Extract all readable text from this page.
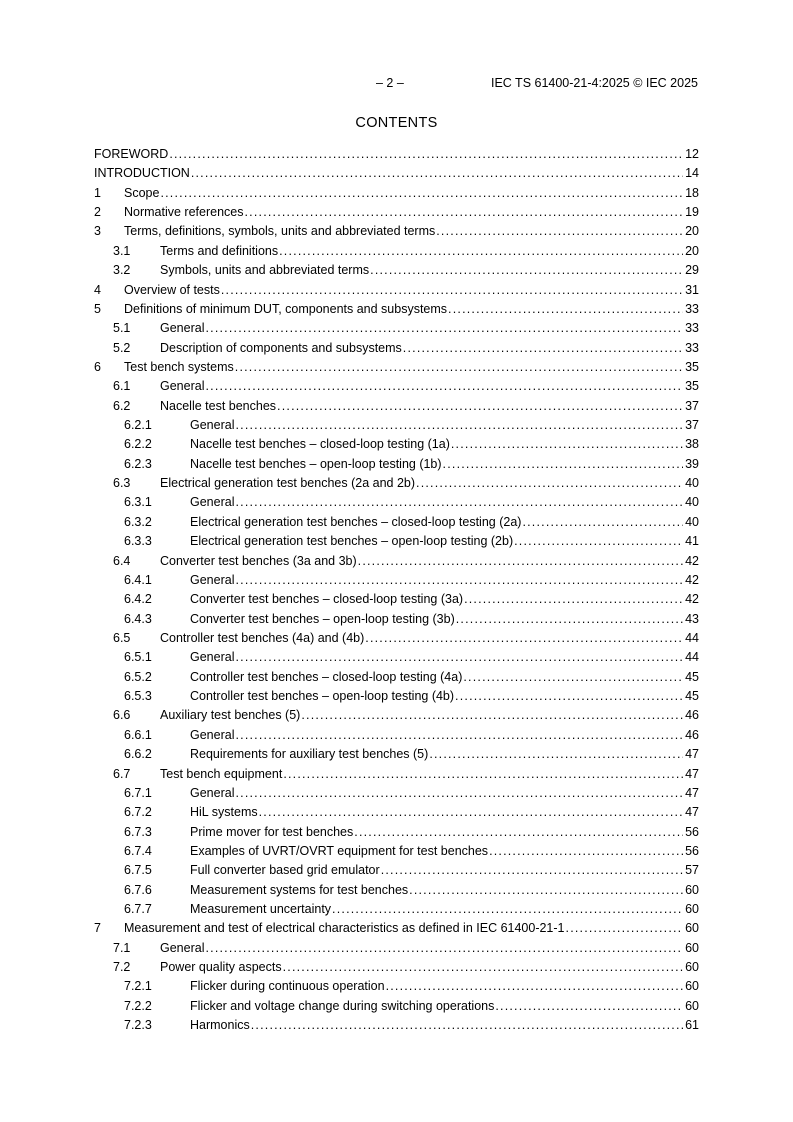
– 2 –	IEC TS 61400-21-4:2025 © IEC 2025
CONTENTS
FOREWORD .....	12
INTRODUCTION .....	14
1 Scope .....	18
2 Normative references .....	19
3 Terms, definitions, symbols, units and abbreviated terms .....	20
3.1 Terms and definitions .....	20
3.2 Symbols, units and abbreviated terms .....	29
4 Overview of tests .....	31
5 Definitions of minimum DUT, components and subsystems .....	33
5.1 General .....	33
5.2 Description of components and subsystems .....	33
6 Test bench systems .....	35
6.1 General .....	35
6.2 Nacelle test benches .....	37
6.2.1	General .....	37
6.2.2	Nacelle test benches – closed-loop testing (1a) .....	38
6.2.3	Nacelle test benches – open-loop testing (1b) .....	39
6.3 Electrical generation test benches (2a and 2b) .....	40
6.3.1	General .....	40
6.3.2	Electrical generation test benches – closed-loop testing (2a) .....	40
6.3.3	Electrical generation test benches – open-loop testing (2b) .....	41
6.4 Converter test benches (3a and 3b) .....	42
6.4.1	General .....	42
6.4.2	Converter test benches – closed-loop testing (3a) .....	42
6.4.3	Converter test benches – open-loop testing (3b) .....	43
6.5 Controller test benches (4a) and (4b) .....	44
6.5.1	General .....	44
6.5.2	Controller test benches – closed-loop testing (4a) .....	45
6.5.3	Controller test benches – open-loop testing (4b) .....	45
6.6 Auxiliary test benches (5) .....	46
6.6.1	General .....	46
6.6.2	Requirements for auxiliary test benches (5) .....	47
6.7 Test bench equipment .....	47
6.7.1	General .....	47
6.7.2	HiL systems .....	47
6.7.3	Prime mover for test benches .....	56
6.7.4	Examples of UVRT/OVRT equipment for test benches .....	56
6.7.5	Full converter based grid emulator .....	57
6.7.6	Measurement systems for test benches .....	60
6.7.7	Measurement uncertainty .....	60
7 Measurement and test of electrical characteristics as defined in IEC 61400-21-1 .....	60
7.1 General .....	60
7.2 Power quality aspects .....	60
7.2.1	Flicker during continuous operation .....	60
7.2.2	Flicker and voltage change during switching operations .....	60
7.2.3	Harmonics .....	61
